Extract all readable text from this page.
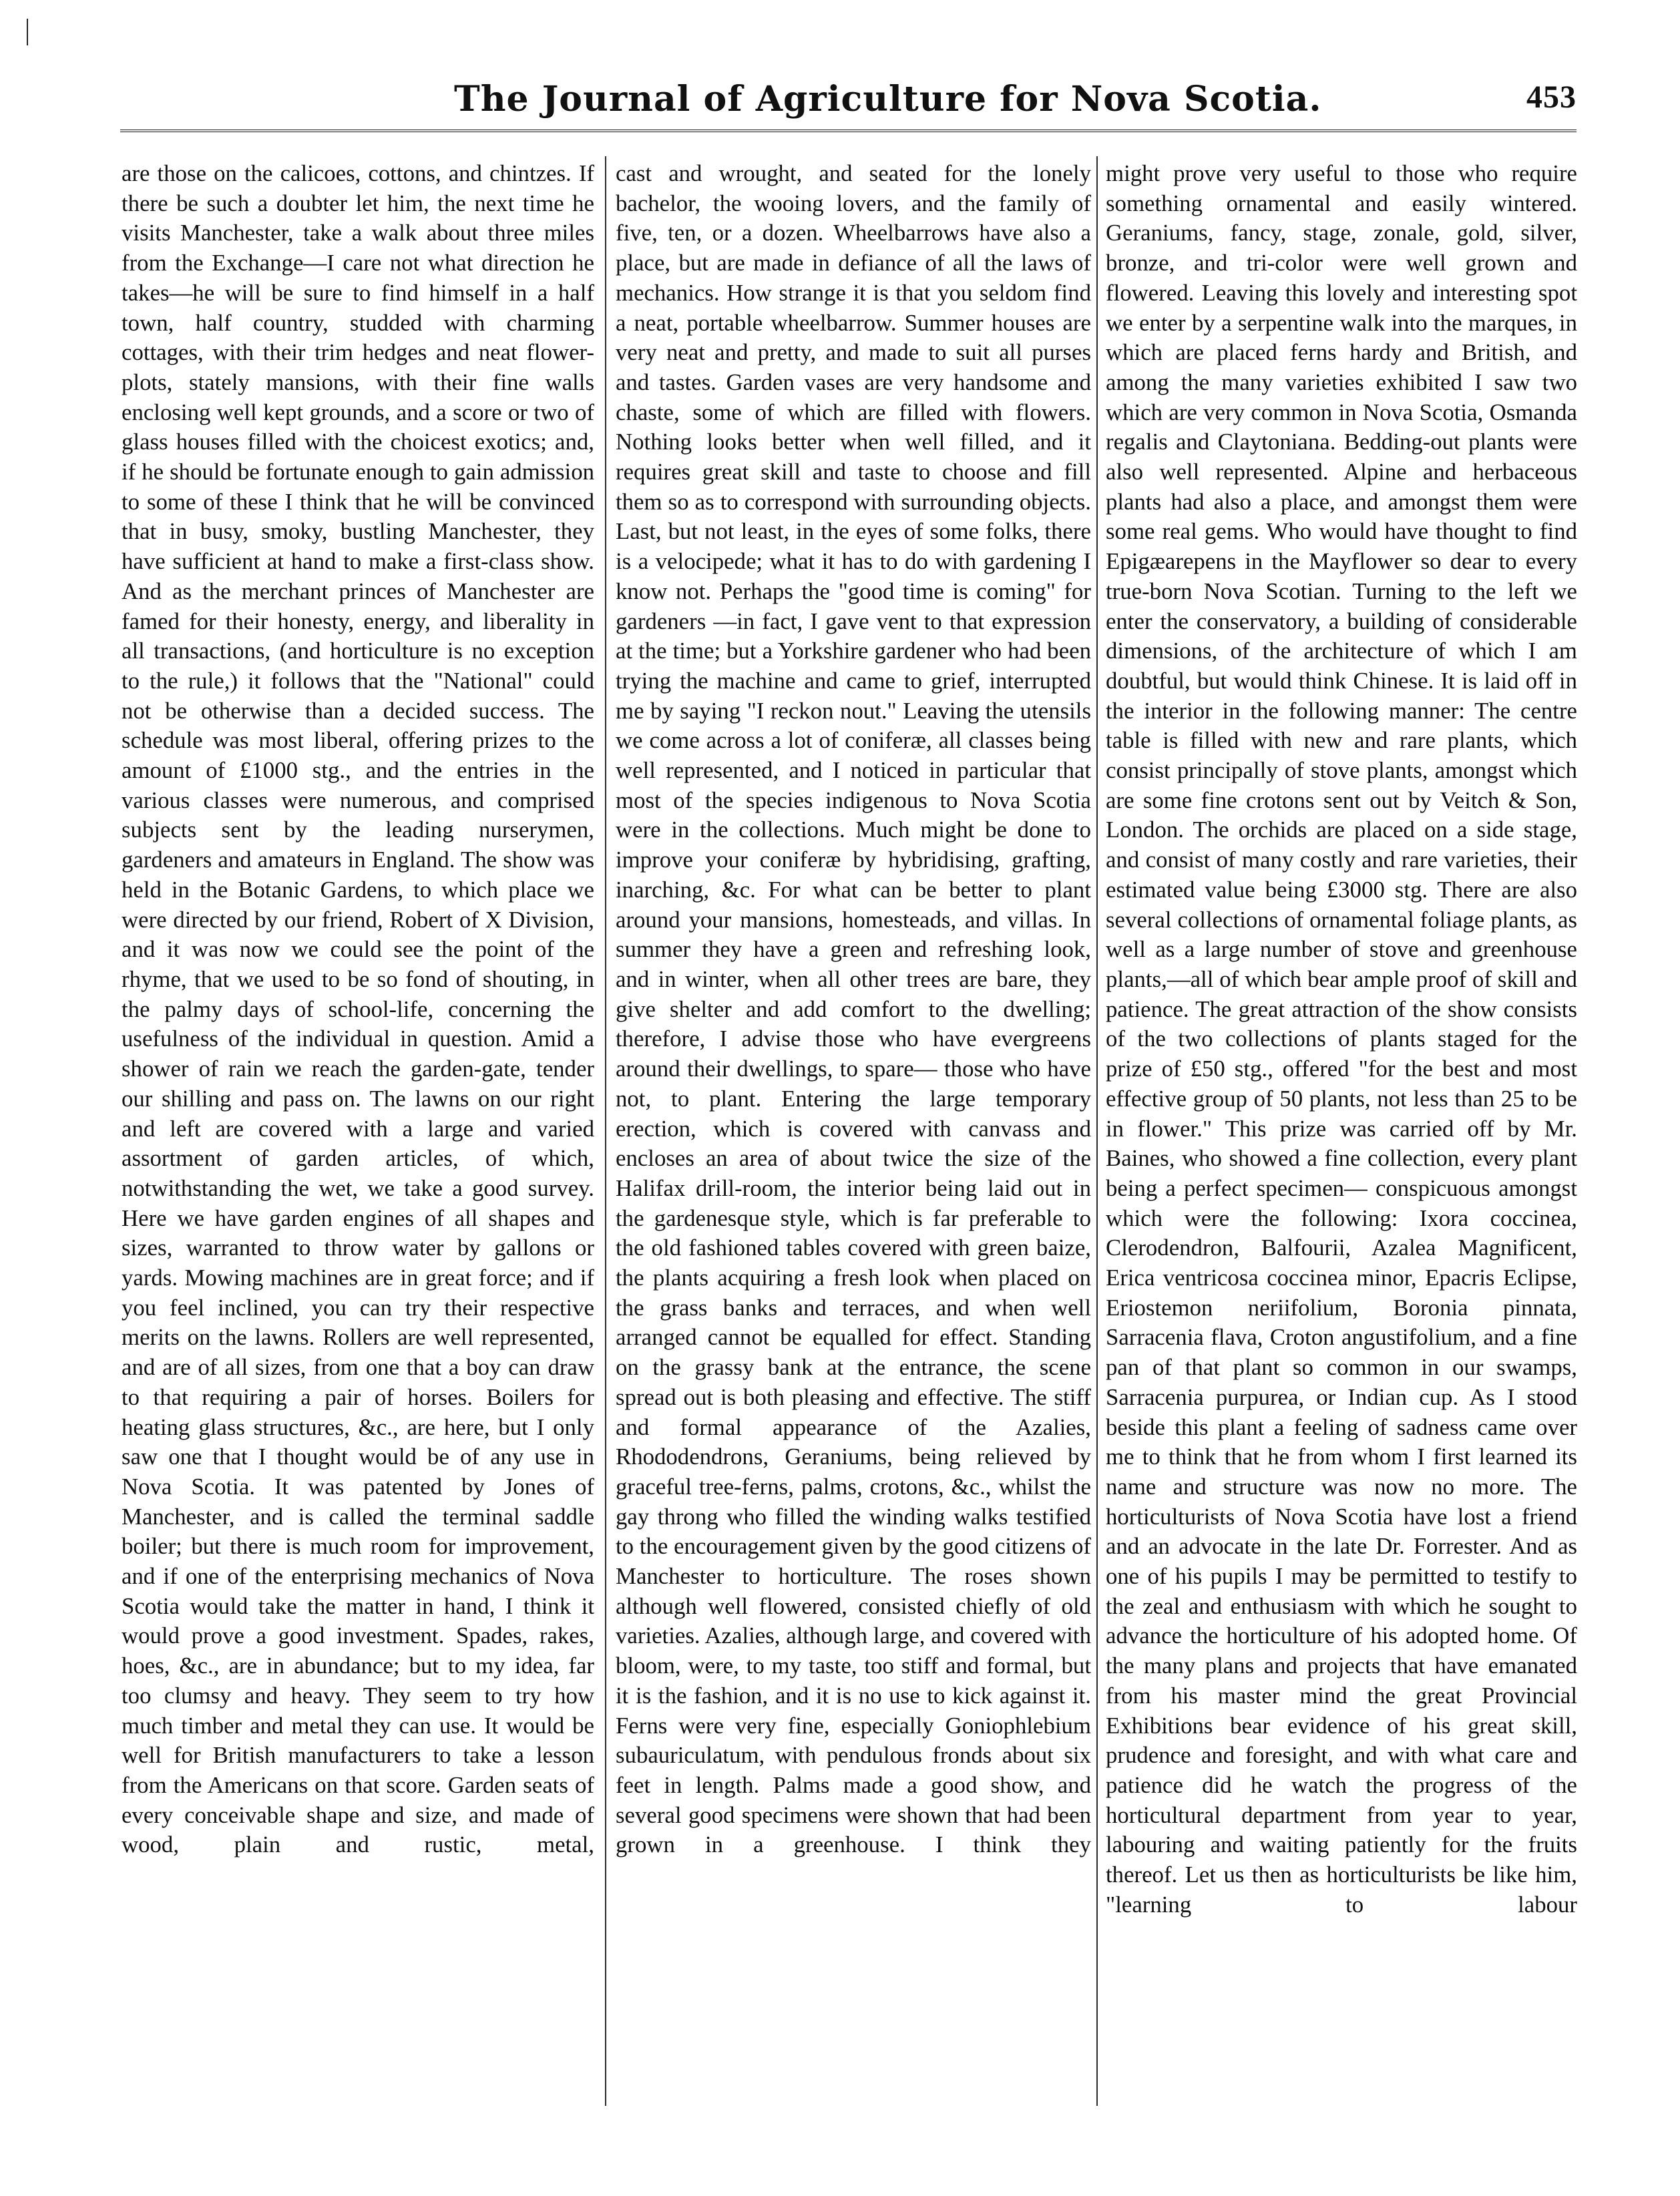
The Journal of Agriculture for Nova Scotia.	453

are those on the calicoes, cottons, and chintzes. If there be such a doubter let him, the next time he visits Manchester, take a walk about three miles from the Exchange—I care not what direction he takes—he will be sure to find himself in a half town, half country, studded with charming cottages, with their trim hedges and neat flower-plots, stately mansions, with their fine walls enclosing well kept grounds, and a score or two of glass houses filled with the choicest exotics; and, if he should be fortunate enough to gain admission to some of these I think that he will be convinced that in busy, smoky, bustling Manchester, they have sufficient at hand to make a first-class show. And as the merchant princes of Manchester are famed for their honesty, energy, and liberality in all transactions, (and horticulture is no exception to the rule,) it follows that the "National" could not be otherwise than a decided success. The schedule was most liberal, offering prizes to the amount of £1000 stg., and the entries in the various classes were numerous, and comprised subjects sent by the leading nurserymen, gardeners and amateurs in England. The show was held in the Botanic Gardens, to which place we were directed by our friend, Robert of X Division, and it was now we could see the point of the rhyme, that we used to be so fond of shouting, in the palmy days of school-life, concerning the usefulness of the individual in question. Amid a shower of rain we reach the garden-gate, tender our shilling and pass on. The lawns on our right and left are covered with a large and varied assortment of garden articles, of which, notwithstanding the wet, we take a good survey. Here we have garden engines of all shapes and sizes, warranted to throw water by gallons or yards. Mowing machines are in great force; and if you feel inclined, you can try their respective merits on the lawns. Rollers are well represented, and are of all sizes, from one that a boy can draw to that requiring a pair of horses. Boilers for heating glass structures, &c., are here, but I only saw one that I thought would be of any use in Nova Scotia. It was patented by Jones of Manchester, and is called the terminal saddle boiler; but there is much room for improvement, and if one of the enterprising mechanics of Nova Scotia would take the matter in hand, I think it would prove a good investment. Spades, rakes, hoes, &c., are in abundance; but to my idea, far too clumsy and heavy. They seem to try how much timber and metal they can use. It would be well for British manufacturers to take a lesson from the Americans on that score. Garden seats of every conceivable shape and size, and made of wood, plain and rustic, metal,

cast and wrought, and seated for the lonely bachelor, the wooing lovers, and the family of five, ten, or a dozen. Wheelbarrows have also a place, but are made in defiance of all the laws of mechanics. How strange it is that you seldom find a neat, portable wheelbarrow. Summer houses are very neat and pretty, and made to suit all purses and tastes. Garden vases are very handsome and chaste, some of which are filled with flowers. Nothing looks better when well filled, and it requires great skill and taste to choose and fill them so as to correspond with surrounding objects. Last, but not least, in the eyes of some folks, there is a velocipede; what it has to do with gardening I know not. Perhaps the "good time is coming" for gardeners —in fact, I gave vent to that expression at the time; but a Yorkshire gardener who had been trying the machine and came to grief, interrupted me by saying "I reckon nout." Leaving the utensils we come across a lot of coniferæ, all classes being well represented, and I noticed in particular that most of the species indigenous to Nova Scotia were in the collections. Much might be done to improve your coniferæ by hybridising, grafting, inarching, &c. For what can be better to plant around your mansions, homesteads, and villas. In summer they have a green and refreshing look, and in winter, when all other trees are bare, they give shelter and add comfort to the dwelling; therefore, I advise those who have evergreens around their dwellings, to spare— those who have not, to plant. Entering the large temporary erection, which is covered with canvass and encloses an area of about twice the size of the Halifax drill-room, the interior being laid out in the gardenesque style, which is far preferable to the old fashioned tables covered with green baize, the plants acquiring a fresh look when placed on the grass banks and terraces, and when well arranged cannot be equalled for effect. Standing on the grassy bank at the entrance, the scene spread out is both pleasing and effective. The stiff and formal appearance of the Azalies, Rhododendrons, Geraniums, being relieved by graceful tree-ferns, palms, crotons, &c., whilst the gay throng who filled the winding walks testified to the encouragement given by the good citizens of Manchester to horticulture. The roses shown although well flowered, consisted chiefly of old varieties. Azalies, although large, and covered with bloom, were, to my taste, too stiff and formal, but it is the fashion, and it is no use to kick against it. Ferns were very fine, especially Goniophlebium subauriculatum, with pendulous fronds about six feet in length. Palms made a good show, and several good specimens were shown that had been grown in a greenhouse. I think they

might prove very useful to those who require something ornamental and easily wintered. Geraniums, fancy, stage, zonale, gold, silver, bronze, and tri-color were well grown and flowered. Leaving this lovely and interesting spot we enter by a serpentine walk into the marques, in which are placed ferns hardy and British, and among the many varieties exhibited I saw two which are very common in Nova Scotia, Osmanda regalis and Claytoniana. Bedding-out plants were also well represented. Alpine and herbaceous plants had also a place, and amongst them were some real gems. Who would have thought to find Epigæarepens in the Mayflower so dear to every true-born Nova Scotian. Turning to the left we enter the conservatory, a building of considerable dimensions, of the architecture of which I am doubtful, but would think Chinese. It is laid off in the interior in the following manner: The centre table is filled with new and rare plants, which consist principally of stove plants, amongst which are some fine crotons sent out by Veitch & Son, London. The orchids are placed on a side stage, and consist of many costly and rare varieties, their estimated value being £3000 stg. There are also several collections of ornamental foliage plants, as well as a large number of stove and greenhouse plants,—all of which bear ample proof of skill and patience. The great attraction of the show consists of the two collections of plants staged for the prize of £50 stg., offered "for the best and most effective group of 50 plants, not less than 25 to be in flower." This prize was carried off by Mr. Baines, who showed a fine collection, every plant being a perfect specimen— conspicuous amongst which were the following: Ixora coccinea, Clerodendron, Balfourii, Azalea Magnificent, Erica ventricosa coccinea minor, Epacris Eclipse, Eriostemon neriifolium, Boronia pinnata, Sarracenia flava, Croton angustifolium, and a fine pan of that plant so common in our swamps, Sarracenia purpurea, or Indian cup. As I stood beside this plant a feeling of sadness came over me to think that he from whom I first learned its name and structure was now no more. The horticulturists of Nova Scotia have lost a friend and an advocate in the late Dr. Forrester. And as one of his pupils I may be permitted to testify to the zeal and enthusiasm with which he sought to advance the horticulture of his adopted home. Of the many plans and projects that have emanated from his master mind the great Provincial Exhibitions bear evidence of his great skill, prudence and foresight, and with what care and patience did he watch the progress of the horticultural department from year to year, labouring and waiting patiently for the fruits thereof. Let us then as horticulturists be like him, "learning to labour
